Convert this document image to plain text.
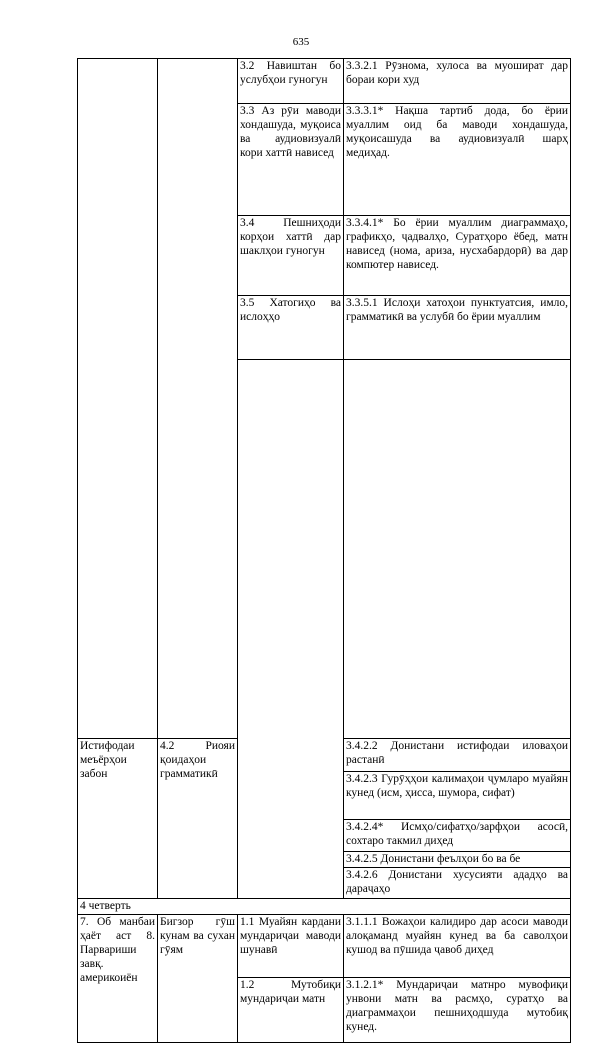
635
		3.2 Навиштан бо услубҳои гуногун	3.3.2.1 Рӯзнома, хулоса ва муошират дар бораи кори худ	
		3.3 Аз рӯи маводи хондашуда, муқоиса ва аудиовизуалӣ кори хаттӣ нависед	3.3.3.1* Нақша тартиб дода, бо ёрии муаллим оид ба маводи хондашуда, муқоисашуда ва аудиовизуалӣ шарҳ медиҳад.	
		3.4 Пешниҳоди корҳои хаттӣ дар шаклҳои гуногун	3.3.4.1* Бо ёрии муаллим диаграммаҳо, графикҳо, ҷадвалҳо, Суратҳоро ёбед, матн нависед (нома, ариза, нусхабардорӣ) ва дар компютер нависед.	
		3.5 Хатогиҳо ва ислоҳҳо	3.3.5.1 Ислоҳи хатоҳои пунктуатсия, имло, грамматикӣ ва услубӣ бо ёрии муаллим	

Истифодаи меъёрҳои забон	4.2 Риояи қоидаҳои грамматикӣ		3.4.2.2 Донистани истифодаи иловаҳои растанӣ	
			3.4.2.3 Гурӯҳҳои калимаҳои ҷумларо муайян кунед (исм, ҳисса, шумора, сифат)	
			3.4.2.4* Исмҳо/сифатҳо/зарфҳои асосӣ, сохтаро такмил диҳед	
			3.4.2.5 Донистани феълҳои бо ва бе	
			3.4.2.6 Донистани хусусияти ададҳо ва дараҷаҳо	
4 четверть				
7. Об манбаи ҳаёт аст 8. Парвариши завқ. америкоиён	Бигзор гӯш кунам ва сухан гӯям	1.1 Муайян кардани мундариҷаи маводи шунавӣ	3.1.1.1 Вожаҳои калидиро дар асоси маводи алоқаманд муайян кунед ва ба саволҳои кушод ва пӯшида ҷавоб диҳед	
		1.2 Мутобиқи мундариҷаи матн	3.1.2.1* Мундариҷаи матнро мувофиқи унвони матн ва расмҳо, суратҳо ва диаграммаҳои пешниҳодшуда мутобиқ кунед.	
